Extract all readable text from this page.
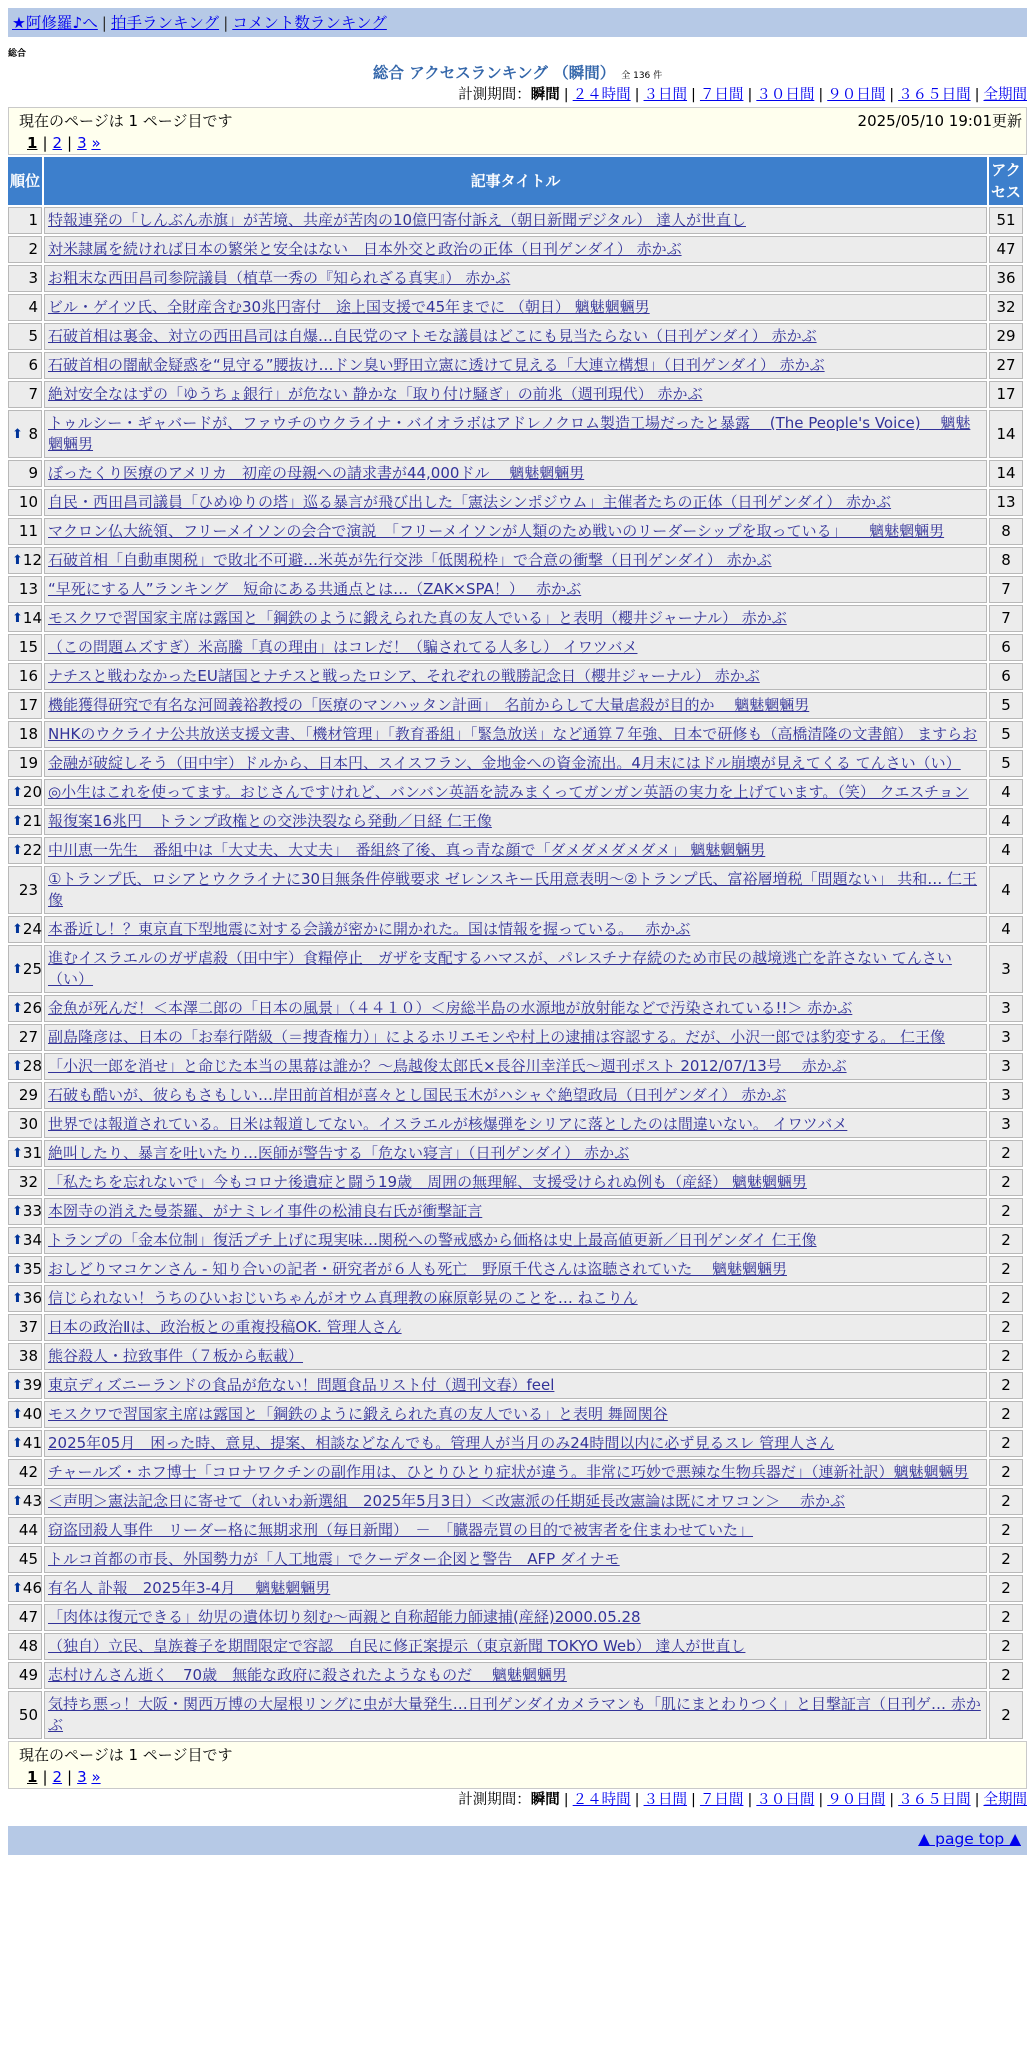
★阿修羅♪へ | 拍手ランキング | コメント数ランキング
総合
総合 アクセスランキング （瞬間） 全 136 件
計測期間：瞬間 | ２４時間 | ３日間 | ７日間 | ３０日間 | ９０日間 | ３６５日間 | 全期間
現在のページは 1 ページ目です	2025/05/10 19:01更新
1 | 2 | 3 »
順位	記事タイトル	アクセス
1	特報連発の「しんぶん赤旗」が苦境、共産が苦肉の10億円寄付訴え（朝日新聞デジタル） 達人が世直し	51
2	対米隷属を続ければ日本の繁栄と安全はない　日本外交と政治の正体（日刊ゲンダイ） 赤かぶ	47
3	お粗末な西田昌司参院議員（植草一秀の『知られざる真実』） 赤かぶ	36
4	ビル・ゲイツ氏、全財産含む30兆円寄付　途上国支援で45年までに （朝日） 魑魅魍魎男	32
5	石破首相は裏金、対立の西田昌司は自爆…自民党のマトモな議員はどこにも見当たらない（日刊ゲンダイ） 赤かぶ	29
6	石破首相の闇献金疑惑を“見守る”腰抜け…ドン臭い野田立憲に透けて見える「大連立構想」（日刊ゲンダイ） 赤かぶ	27
7	絶対安全なはずの「ゆうちょ銀行」が危ない 静かな「取り付け騒ぎ」の前兆（週刊現代） 赤かぶ	17

⬆ 8	トゥルシー・ギャバードが、ファウチのウクライナ・バイオラボはアドレノクロム製造工場だったと暴露　 (The People's Voice)　 魑魅魍魎男	14
9	ぼったくり医療のアメリカ　初産の母親への請求書が44,000ドル　 魑魅魍魎男	14
10	自民・西田昌司議員「ひめゆりの塔」巡る暴言が飛び出した「憲法シンポジウム」主催者たちの正体（日刊ゲンダイ） 赤かぶ	13
11	マクロン仏大統領、フリーメイソンの会合で演説　「フリーメイソンが人類のため戦いのリーダーシップを取っている」　　魑魅魍魎男	8

⬆ 12	石破首相「自動車関税」で敗北不可避…米英が先行交渉「低関税枠」で合意の衝撃（日刊ゲンダイ） 赤かぶ	8
13	“早死にする人”ランキング　短命にある共通点とは…（ZAK×SPA！）　 赤かぶ	7

⬆ 14	モスクワで習国家主席は露国と「鋼鉄のように鍛えられた真の友人でいる」と表明（櫻井ジャーナル） 赤かぶ	7
15	（この問題ムズすぎ）米高騰「真の理由」はコレだ！（騙されてる人多し） イワツバメ	6
16	ナチスと戦わなかったEU諸国とナチスと戦ったロシア、それぞれの戦勝記念日（櫻井ジャーナル） 赤かぶ	6
17	機能獲得研究で有名な河岡義裕教授の「医療のマンハッタン計画」　名前からして大量虐殺が目的か　 魑魅魍魎男	5
18	NHKのウクライナ公共放送支援文書、「機材管理」「教育番組」「緊急放送」など通算７年強、日本で研修も（高橋清隆の文書館） ますらお	5
19	金融が破綻しそう（田中宇）ドルから、日本円、スイスフラン、金地金への資金流出。4月末にはドル崩壊が見えてくる てんさい（い）	5

⬆ 20	◎小生はこれを使ってます。おじさんですけれど、バンバン英語を読みまくってガンガン英語の実力を上げています。（笑） クエスチョン	4

⬆ 21	報復案16兆円　トランプ政権との交渉決裂なら発動／日経 仁王像	4

⬆ 22	中川恵一先生　番組中は「大丈夫、大丈夫」　番組終了後、真っ青な顔で「ダメダメダメダメ」 魑魅魍魎男	4
23	①トランプ氏、ロシアとウクライナに30日無条件停戦要求 ゼレンスキー氏用意表明～②トランプ氏、富裕層増税「問題ない」 共和… 仁王像	4

⬆ 24	本番近し！？東京直下型地震に対する会議が密かに開かれた。国は情報を握っている。　 赤かぶ	4

⬆ 25	進むイスラエルのガザ虐殺（田中宇）食糧停止　ガザを支配するハマスが、パレスチナ存続のため市民の越境逃亡を許さない てんさい（い）	3

⬆ 26	金魚が死んだ！＜本澤二郎の「日本の風景」（４４１０）＜房総半島の水源地が放射能などで汚染されている!!＞ 赤かぶ	3
27	副島隆彦は、日本の「お奉行階級（＝捜査権力）」によるホリエモンや村上の逮捕は容認する。だが、小沢一郎では豹変する。 仁王像	3

⬆ 28	「小沢一郎を消せ」と命じた本当の黒幕は誰か？～鳥越俊太郎氏×長谷川幸洋氏～週刊ポスト 2012/07/13号　 赤かぶ	3
29	石破も酷いが、彼らもさもしい…岸田前首相が喜々とし国民玉木がハシャぐ絶望政局（日刊ゲンダイ） 赤かぶ	3
30	世界では報道されている。日米は報道してない。イスラエルが核爆弾をシリアに落としたのは間違いない。 イワツバメ	3

⬆ 31	絶叫したり、暴言を吐いたり…医師が警告する「危ない寝言」（日刊ゲンダイ） 赤かぶ	2
32	「私たちを忘れないで」今もコロナ後遺症と闘う19歳　周囲の無理解、支援受けられぬ例も（産経） 魑魅魍魎男	2

⬆ 33	本圀寺の消えた曼荼羅、がナミレイ事件の松浦良右氏が衝撃証言	2

⬆ 34	トランプの「金本位制」復活プチ上げに現実味…関税への警戒感から価格は史上最高値更新／日刊ゲンダイ 仁王像	2

⬆ 35	おしどりマコケンさん - 知り合いの記者・研究者が６人も死亡　野原千代さんは盗聴されていた　 魑魅魍魎男	2

⬆ 36	信じられない！うちのひいおじいちゃんがオウム真理教の麻原彰晃のことを… ねこりん	2
37	日本の政治Ⅱは、政治板との重複投稿OK. 管理人さん	2
38	熊谷殺人・拉致事件（７板から転載）	2

⬆ 39	東京ディズニーランドの食品が危ない！問題食品リスト付（週刊文春）feel	2

⬆ 40	モスクワで習国家主席は露国と「鋼鉄のように鍛えられた真の友人でいる」と表明 舞岡関谷	2

⬆ 41	2025年05月　困った時、意見、提案、相談などなんでも。管理人が当月のみ24時間以内に必ず見るスレ 管理人さん	2
42	チャールズ・ホフ博士「コロナワクチンの副作用は、ひとりひとり症状が違う。非常に巧妙で悪辣な生物兵器だ」（連新社訳）魑魅魍魎男	2

⬆ 43	＜声明＞憲法記念日に寄せて（れいわ新選組　2025年5月3日）＜改憲派の任期延長改憲論は既にオワコン＞　 赤かぶ	2
44	窃盗団殺人事件　リーダー格に無期求刑（毎日新聞）　－　「臓器売買の目的で被害者を住まわせていた」	2
45	トルコ首都の市長、外国勢力が「人工地震」でクーデター企図と警告　AFP ダイナモ	2

⬆ 46	有名人 訃報　2025年3-4月　 魑魅魍魎男	2
47	「肉体は復元できる」幼児の遺体切り刻む～両親と自称超能力師逮捕(産経)2000.05.28	2
48	（独自）立民、皇族養子を期間限定で容認　自民に修正案提示（東京新聞 TOKYO Web） 達人が世直し	2
49	志村けんさん逝く　70歳　無能な政府に殺されたようなものだ　 魑魅魍魎男	2
50	気持ち悪っ！大阪・関西万博の大屋根リングに虫が大量発生…日刊ゲンダイカメラマンも「肌にまとわりつく」と目撃証言（日刊ゲ… 赤かぶ	2
現在のページは 1 ページ目です
1 | 2 | 3 »
計測期間：瞬間 | ２４時間 | ３日間 | ７日間 | ３０日間 | ９０日間 | ３６５日間 | 全期間
▲ page top ▲
